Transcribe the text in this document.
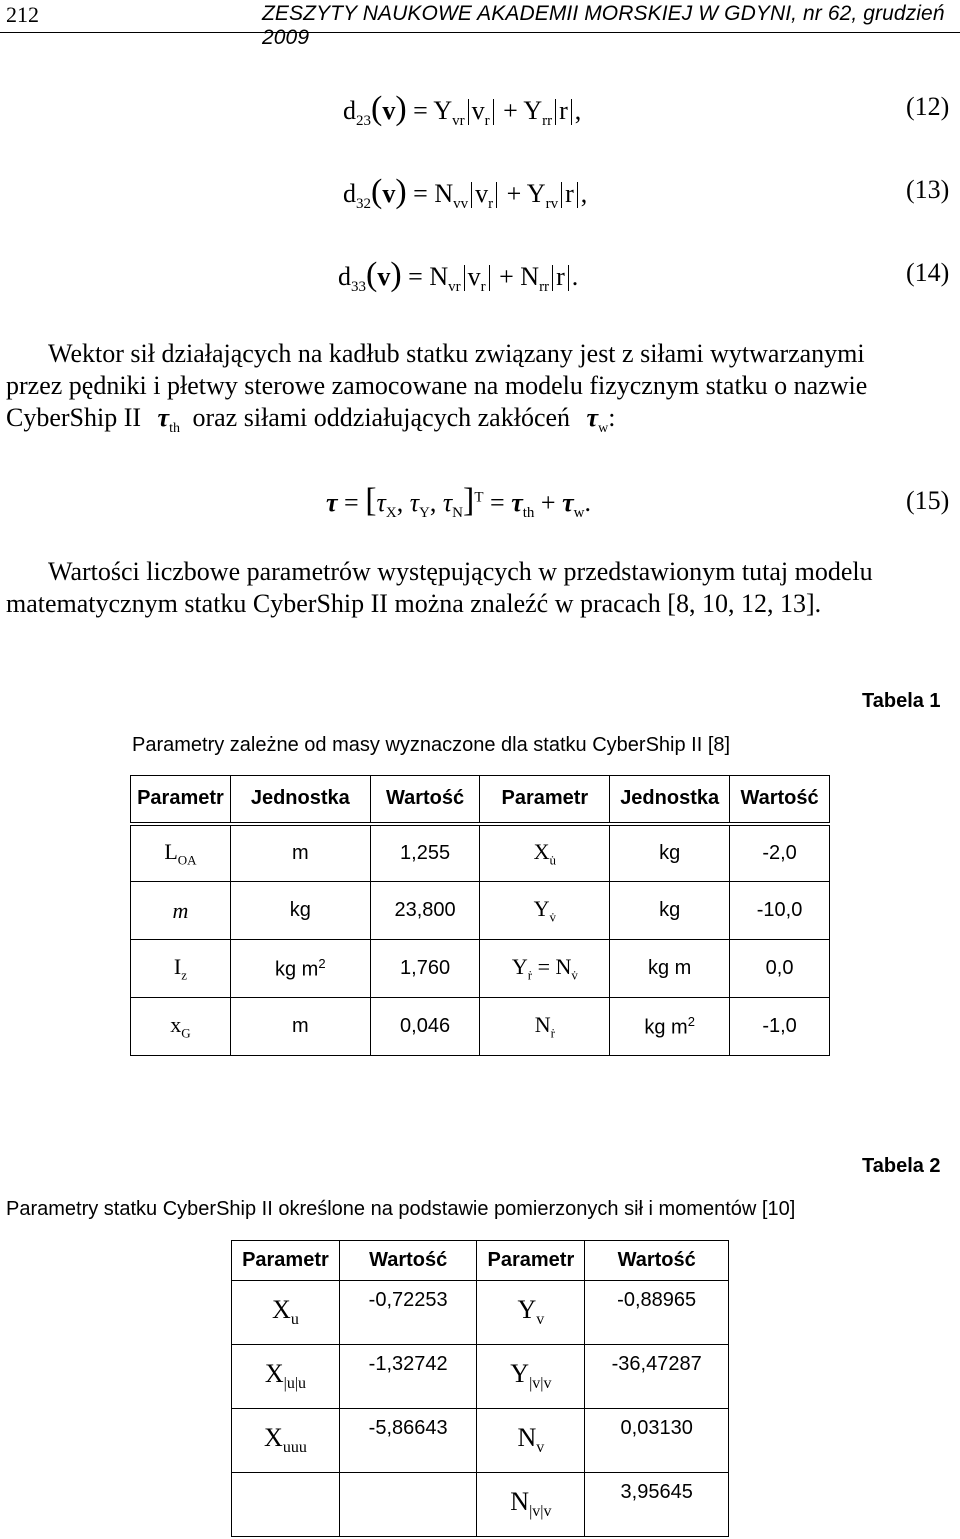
212	ZESZYTY NAUKOWE AKADEMII MORSKIEJ W GDYNI, nr 62, grudzień 2009
$d_{23}(v) = Y_{vr}$ $v_r + Y_{rr}$ r ,	(12)
$d_{32}(v) = N_{vv}$ $v_r + Y_{rv}$ r ,	(13)
$d_{33}(v) = N_{vr}$ $v_r + N_{rr}$ r .	(14)

Wektor sił działających na kadłub statku związany jest z siłami wytwarzanymi

przez pędniki i płetwy sterowe zamocowane na modelu fizycznym statku o nazwie

CyberShip II $\tau_{th}$ oraz siłami oddziałujących zakłóceń $\tau_w$:

$\tau = [\tau_X$, $\tau_Y$, $\tau_N]^T = \tau_{th} + \tau_w$.	(15)

Wartości liczbowe parametrów występujących w przedstawionym tutaj modelu

matematycznym statku CyberShip II można znaleźć w pracach [8, 10, 12, 13].

Tabela 1
Parametry zależne od masy wyznaczone dla statku CyberShip II [8]
Parametr	Jednostka	Wartość	Parametr	Jednostka	Wartość
$L_{OA}$	m	1,255	$X_{u̇}$	kg	-2,0
m	kg	23,800	$Y_{v̇}$	kg	-10,0
$I_z$	kg $m^2$	1,760	$Y_ṙ = N_{v̇}$	kg m	0,0
$x_G$	m	0,046	$N_ṙ$	kg $m^2$	-1,0
Tabela 2
Parametry statku CyberShip II określone na podstawie pomierzonych sił i momentów [10]
Parametr	Wartość	Parametr	Wartość
$X_u$	-0,72253	$Y_v$	-0,88965
$X_{|u|u}$	-1,32742	$Y_{|v|v}$	-36,47287
$X_{uuu}$	-5,86643	$N_v$	0,03130
		$N_{|v|v}$	3,95645
